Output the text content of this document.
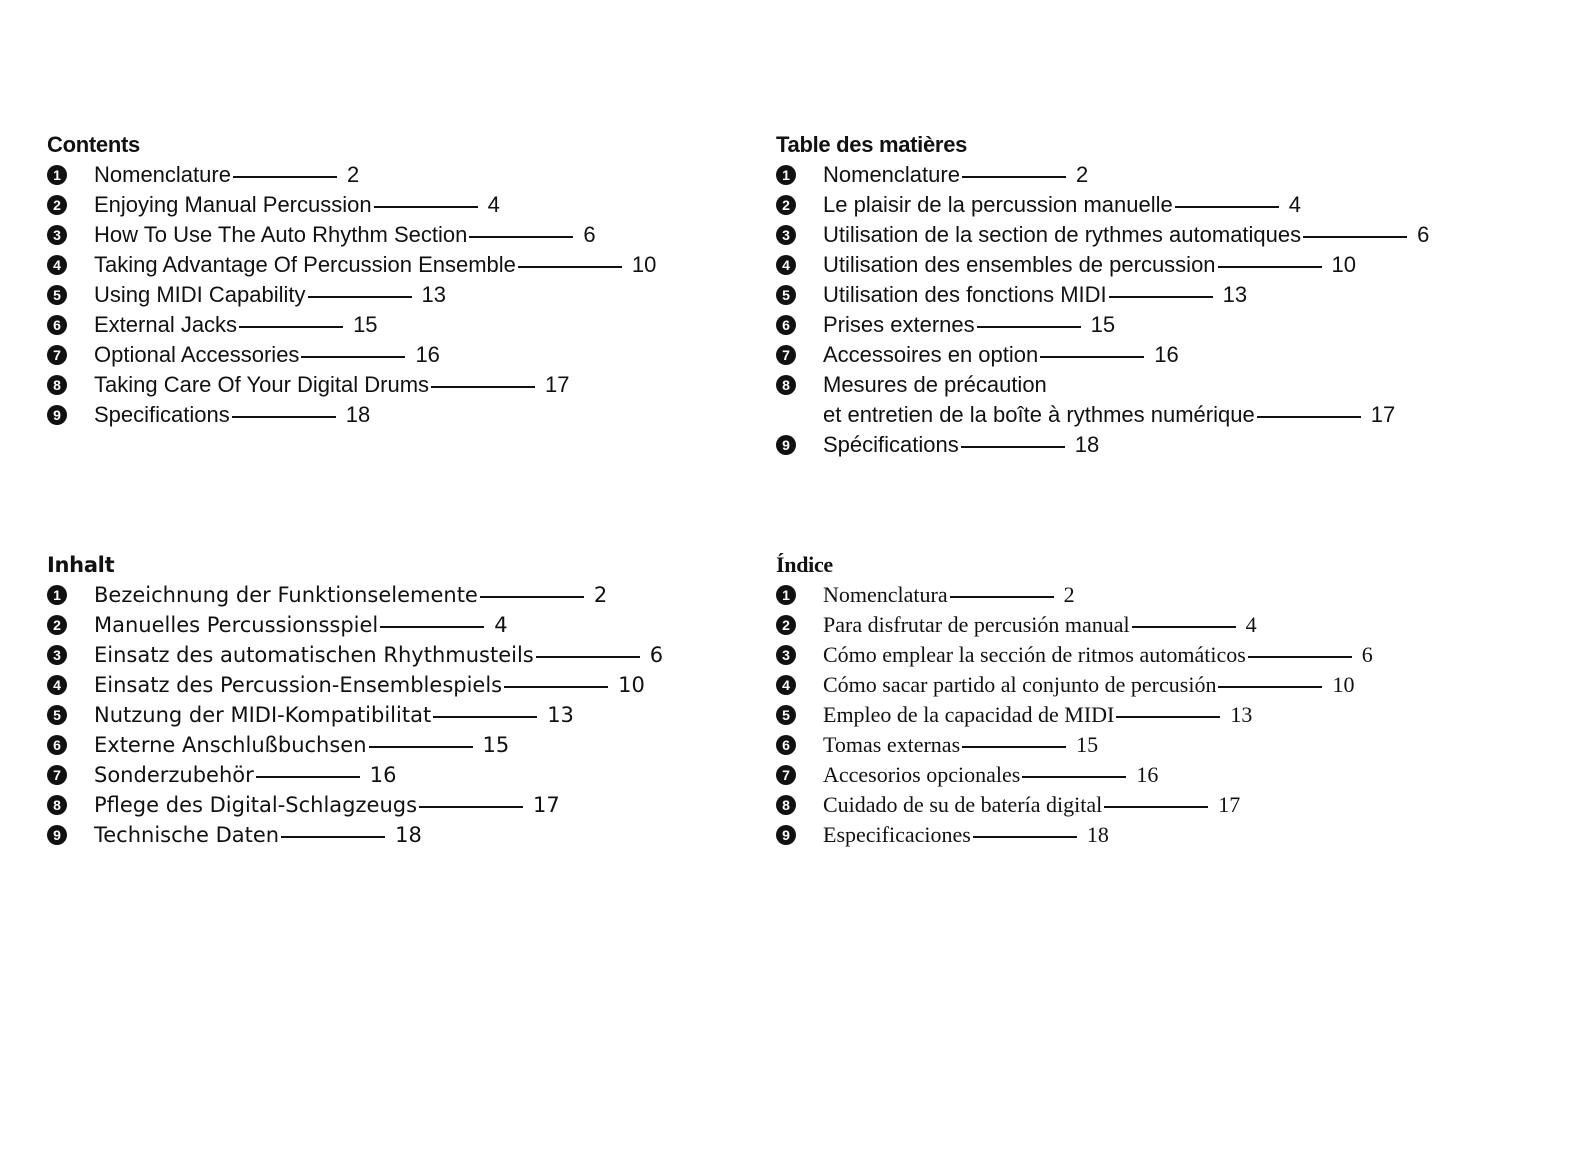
Contents
1 Nomenclature	2
2 Enjoying Manual Percussion	4
3 How To Use The Auto Rhythm Section	6
4 Taking Advantage Of Percussion Ensemble	10
5 Using MIDI Capability	13
6 External Jacks	15
7 Optional Accessories	16
8 Taking Care Of Your Digital Drums	17
9 Specifications	18
Table des matières
1 Nomenclature	2
2 Le plaisir de la percussion manuelle	4
3 Utilisation de la section de rythmes automatiques	6
4 Utilisation des ensembles de percussion	10
5 Utilisation des fonctions MIDI	13
6 Prises externes	15
7 Accessoires en option	16
8 Mesures de précaution
et entretien de la boîte à rythmes numérique	17
9 Spécifications	18
Inhalt
1 Bezeichnung der Funktionselemente	2
2 Manuelles Percussionsspiel	4
3 Einsatz des automatischen Rhythmusteils	6
4 Einsatz des Percussion-Ensemblespiels	10
5 Nutzung der MIDI-Kompatibilitat	13
6 Externe Anschlußbuchsen	15
7 Sonderzubehör	16
8 Pflege des Digital-Schlagzeugs	17
9 Technische Daten	18
Índice
1 Nomenclatura	2
2 Para disfrutar de percusión manual	4
3 Cómo emplear la sección de ritmos automáticos	6
4 Cómo sacar partido al conjunto de percusión	10
5 Empleo de la capacidad de MIDI	13
6 Tomas externas	15
7 Accesorios opcionales	16
8 Cuidado de su de batería digital	17
9 Especificaciones	18
